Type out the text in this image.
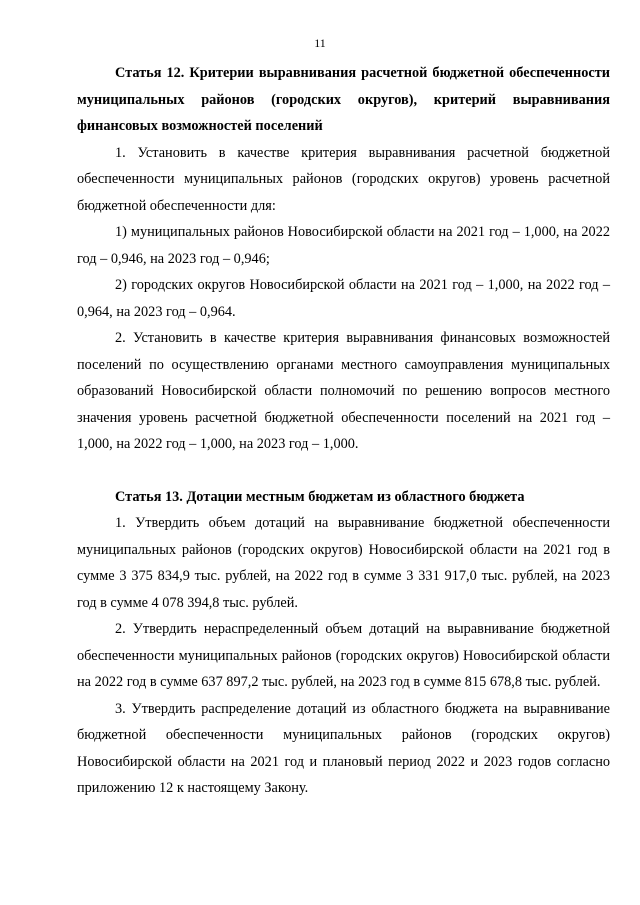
11

Статья 12. Критерии выравнивания расчетной бюджетной обеспеченности муниципальных районов (городских округов), критерий выравнивания финансовых возможностей поселений

1. Установить в качестве критерия выравнивания расчетной бюджетной обеспеченности муниципальных районов (городских округов) уровень расчетной бюджетной обеспеченности для:

1) муниципальных районов Новосибирской области на 2021 год – 1,000, на 2022 год – 0,946, на 2023 год – 0,946;

2) городских округов Новосибирской области на 2021 год – 1,000, на 2022 год – 0,964, на 2023 год – 0,964.

2. Установить в качестве критерия выравнивания финансовых возможностей поселений по осуществлению органами местного самоуправления муниципальных образований Новосибирской области полномочий по решению вопросов местного значения уровень расчетной бюджетной обеспеченности поселений на 2021 год – 1,000, на 2022 год – 1,000, на 2023 год – 1,000.

Статья 13. Дотации местным бюджетам из областного бюджета

1. Утвердить объем дотаций на выравнивание бюджетной обеспеченности муниципальных районов (городских округов) Новосибирской области на 2021 год в сумме 3 375 834,9 тыс. рублей, на 2022 год в сумме 3 331 917,0 тыс. рублей, на 2023 год в сумме 4 078 394,8 тыс. рублей.

2. Утвердить нераспределенный объем дотаций на выравнивание бюджетной обеспеченности муниципальных районов (городских округов) Новосибирской области на 2022 год в сумме 637 897,2 тыс. рублей, на 2023 год в сумме 815 678,8 тыс. рублей.

3. Утвердить распределение дотаций из областного бюджета на выравнивание бюджетной обеспеченности муниципальных районов (городских округов) Новосибирской области на 2021 год и плановый период 2022 и 2023 годов согласно приложению 12 к настоящему Закону.
